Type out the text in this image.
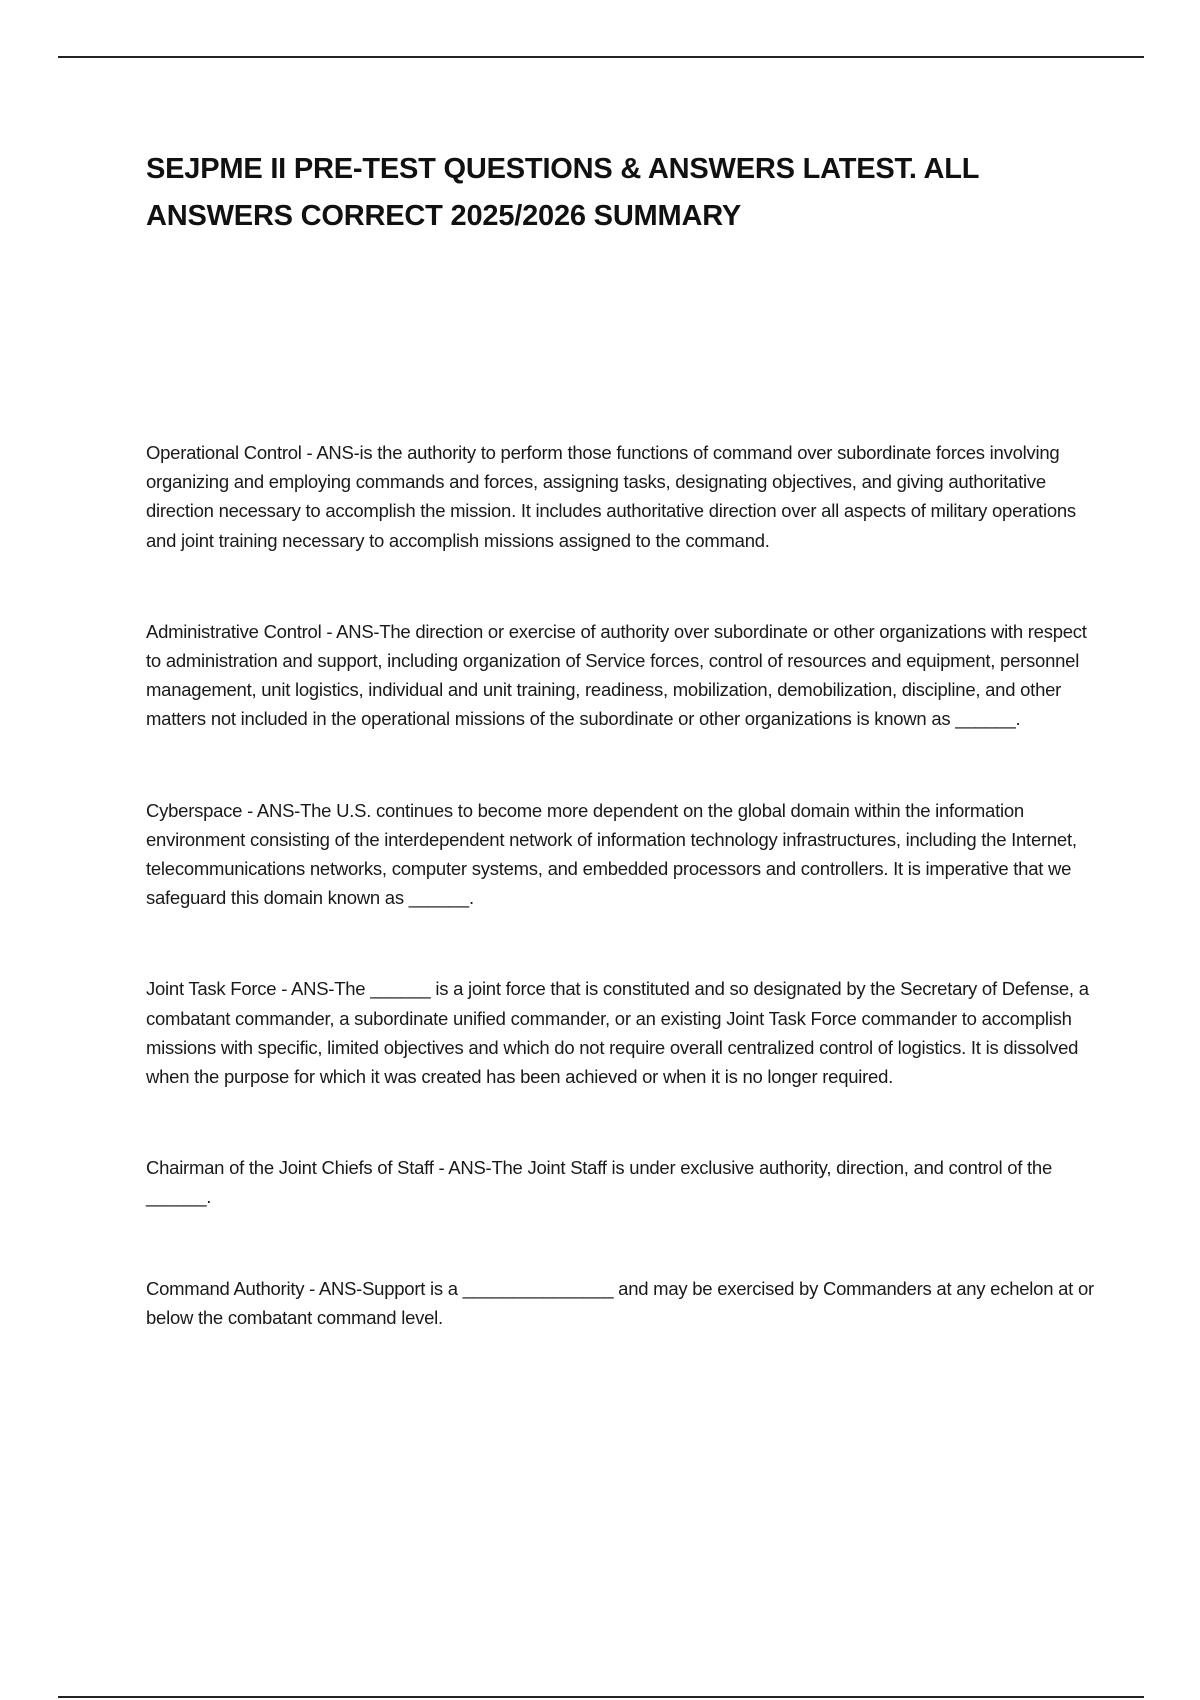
SEJPME II PRE-TEST QUESTIONS & ANSWERS LATEST. ALL ANSWERS CORRECT 2025/2026 SUMMARY

Operational Control - ANS-is the authority to perform those functions of command over subordinate forces involving organizing and employing commands and forces, assigning tasks, designating objectives, and giving authoritative direction necessary to accomplish the mission. It includes authoritative direction over all aspects of military operations and joint training necessary to accomplish missions assigned to the command.

Administrative Control - ANS-The direction or exercise of authority over subordinate or other organizations with respect to administration and support, including organization of Service forces, control of resources and equipment, personnel management, unit logistics, individual and unit training, readiness, mobilization, demobilization, discipline, and other matters not included in the operational missions of the subordinate or other organizations is known as ______.

Cyberspace - ANS-The U.S. continues to become more dependent on the global domain within the information environment consisting of the interdependent network of information technology infrastructures, including the Internet, telecommunications networks, computer systems, and embedded processors and controllers. It is imperative that we safeguard this domain known as ______.

Joint Task Force - ANS-The ______ is a joint force that is constituted and so designated by the Secretary of Defense, a combatant commander, a subordinate unified commander, or an existing Joint Task Force commander to accomplish missions with specific, limited objectives and which do not require overall centralized control of logistics. It is dissolved when the purpose for which it was created has been achieved or when it is no longer required.

Chairman of the Joint Chiefs of Staff - ANS-The Joint Staff is under exclusive authority, direction, and control of the ______.

Command Authority - ANS-Support is a _______________ and may be exercised by Commanders at any echelon at or below the combatant command level.
